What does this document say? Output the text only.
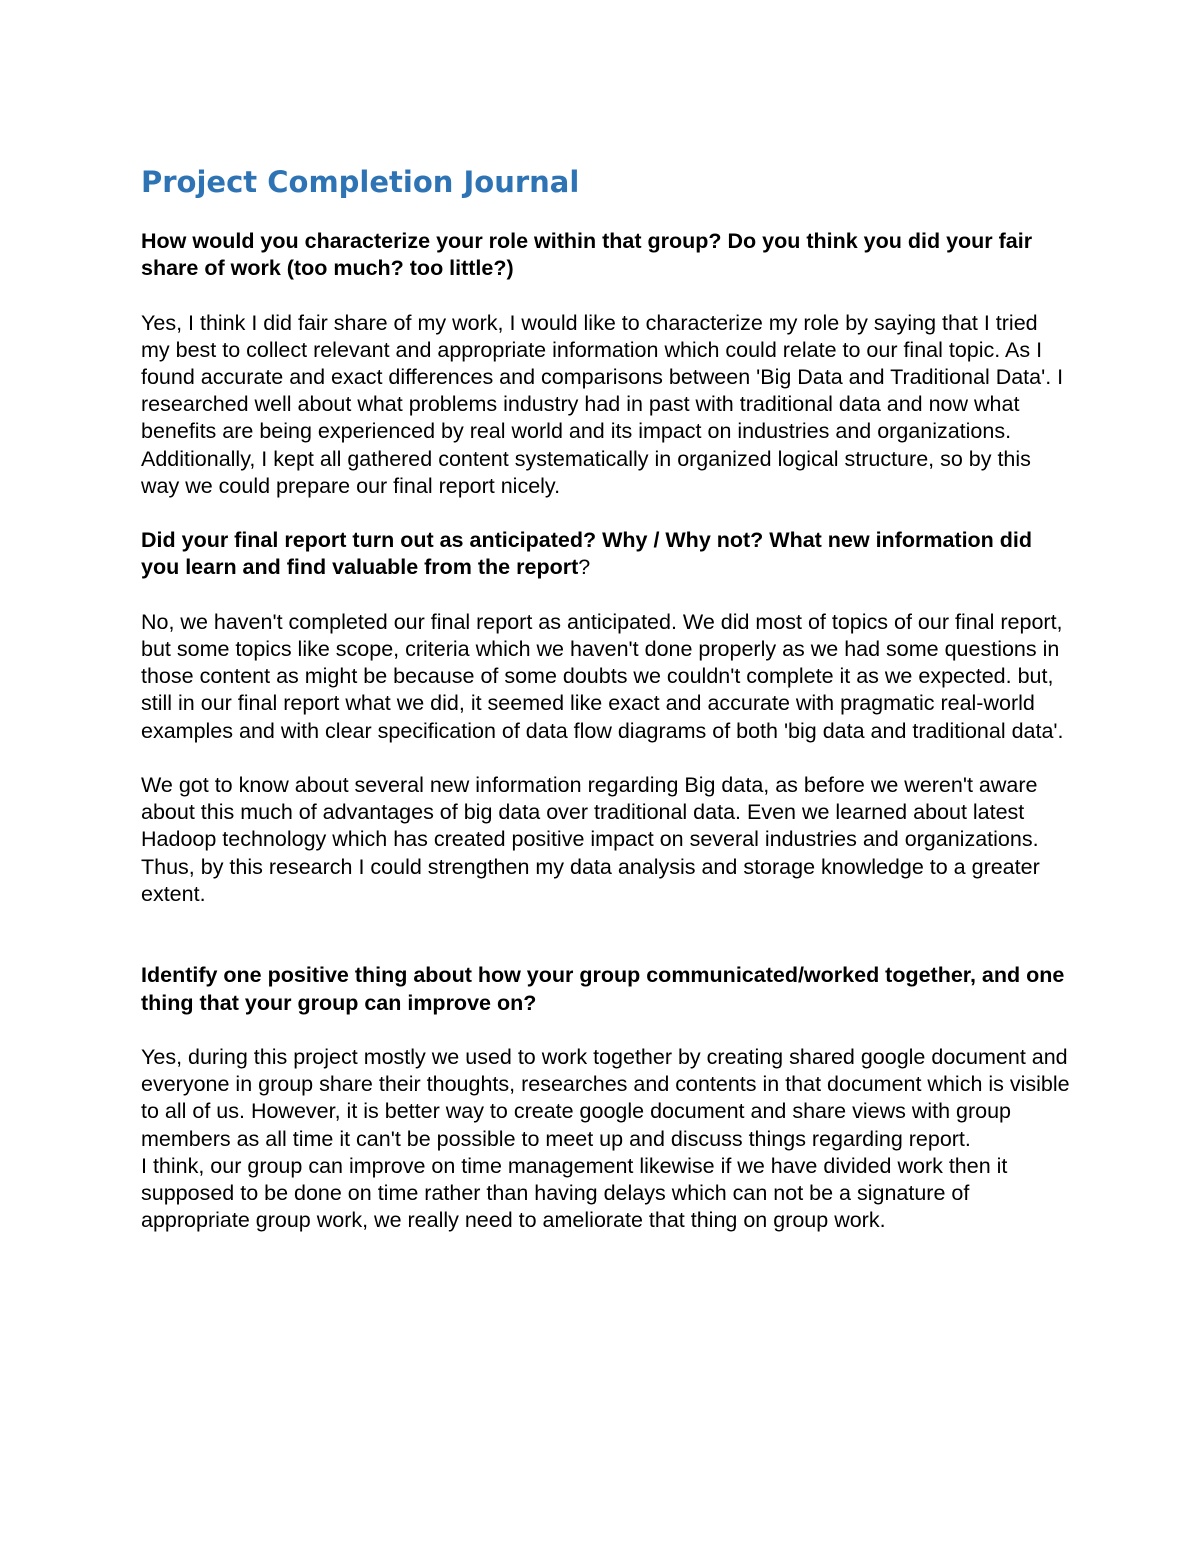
Project Completion Journal

How would you characterize your role within that group? Do you think you did your fair share of work (too much? too little?)

Yes, I think I did fair share of my work, I would like to characterize my role by saying that I tried my best to collect relevant and appropriate information which could relate to our final topic. As I found accurate and exact differences and comparisons between 'Big Data and Traditional Data'. I researched well about what problems industry had in past with traditional data and now what benefits are being experienced by real world and its impact on industries and organizations. Additionally, I kept all gathered content systematically in organized logical structure, so by this way we could prepare our final report nicely.

Did your final report turn out as anticipated? Why / Why not? What new information did you learn and find valuable from the report?

No, we haven't completed our final report as anticipated. We did most of topics of our final report, but some topics like scope, criteria which we haven't done properly as we had some questions in those content as might be because of some doubts we couldn't complete it as we expected. but, still in our final report what we did, it seemed like exact and accurate with pragmatic real-world examples and with clear specification of data flow diagrams of both 'big data and traditional data'.

We got to know about several new information regarding Big data, as before we weren't aware about this much of advantages of big data over traditional data. Even we learned about latest Hadoop technology which has created positive impact on several industries and organizations. Thus, by this research I could strengthen my data analysis and storage knowledge to a greater extent.

Identify one positive thing about how your group communicated/worked together, and one thing that your group can improve on?

Yes, during this project mostly we used to work together by creating shared google document and everyone in group share their thoughts, researches and contents in that document which is visible to all of us. However, it is better way to create google document and share views with group members as all time it can't be possible to meet up and discuss things regarding report.

I think, our group can improve on time management likewise if we have divided work then it supposed to be done on time rather than having delays which can not be a signature of appropriate group work, we really need to ameliorate that thing on group work.
